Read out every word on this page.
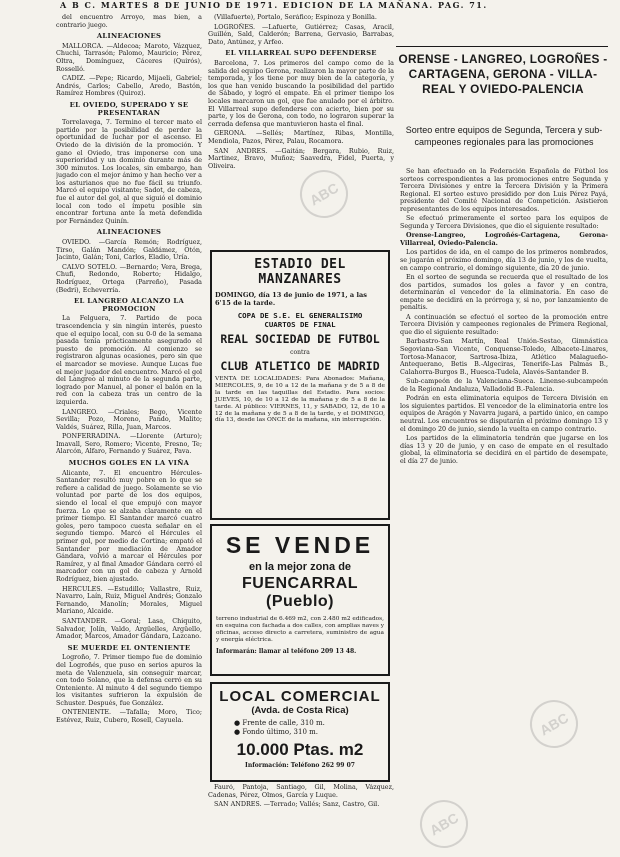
A B C. MARTES 8 DE JUNIO DE 1971. EDICION DE LA MAÑANA. PAG. 71.

del encuentro Arroyo, mas bien, a contrario juego.

ALINEACIONES

MALLORCA. —Aldecoa; Maroto, Vázquez, Chuchi, Tarrasón; Palomo, Mauricio; Pérez, Oltra, Domínguez, Cáceres (Quirós), Rosselló.

CADIZ. —Pepe; Ricardo, Mijaeli, Gabriel; Andrés, Carlos; Cabello, Aredo, Bastón, Ramírez Hombres (Quiroz).

EL OVIEDO, SUPERADO Y SE PRESENTARAN

Torrelavega, 7. Termino el tercer mato el partido por la posibilidad de perder la oportunidad de luchar por el ascenso. El Oviedo de la división de la promoción. Y gano el Oviedo, tras imponerse con una superioridad y un dominio durante más de 300 minutos. Los locales, sin embargo, han jugado con el mejor ánimo y han hecho ver a los asturianos que no fue fácil su triunfo. Marcó el equipo visitante; Sadot, de cabeza, fue el autor del gol, al que siguió el dominio local con todo el ímpetu posible sin encontrar fortuna ante la meta defendida por Fernández Quinín.

ALINEACIONES

OVIEDO. —García Remón; Rodríguez, Tirso, Galán Mandón; Galdámez, Otón, Jacinto, Galán; Toni, Carlos, Eladio, Uría.

CALVO SOTELO. —Bernardo; Vera, Brega, Chufi, Redondo, Roberto; Hidalgo, Rodríguez, Ortega (Parreño), Pasada (Bedri), Echeverría.

EL LANGREO ALCANZO LA PROMOCION

La Felguera, 7. Partido de poca trascendencia y sin ningún interés, puesto que el equipo local, con su 0-0 de la semana pasada tenía prácticamente asegurado el puesto de promoción. Al comienzo se registraron algunas ocasiones, pero sin que el marcador se moviese. Aunque Lucas fue el mejor jugador del encuentro. Marcó el gol del Langreo al minuto de la segunda parte, logrado por Manuel, al poner el balón en la red con la cabeza tras un centro de la izquierda.

LANGREO. —Criales; Bego, Vicente Sevilla; Pozo, Moreno, Pando, Malito; Valdés, Suárez, Rilla, Juan, Marcos.

PONFERRADINA. —Llorente (Arturo); Imavall, Sero, Romero; Vicente, Fresno, Te; Alarcón, Alfaro, Fernando y Suárez, Pava.

MUCHOS GOLES EN LA VIÑA

Alicante, 7. El encuentro Hércules-Santander resultó muy pobre en lo que se refiere a calidad de juego. Solamente se vio voluntad por parte de los dos equipos, siendo el local el que empujó con mayor fuerza. Lo que se alzaba claramente en el primer tiempo. El Santander marcó cuatro goles, pero tampoco cuesta señalar en el segundo tiempo. Marcó el Hércules el primer gol, por medio de Cortina; empató el Santander por mediación de Amador Gándara, volvió a marcar el Hércules por Ramírez, y al final Amador Gándara cerró el marcador con un gol de cabeza y Arnold Rodríguez, bien ajustado.

HERCULES. —Estudillo; Vallastre, Ruiz, Navarro, Laín, Ruiz, Miguel Andrés; Gonzalo Fernando, Manolín; Morales, Miguel Mariano, Alcaide.

SANTANDER. —Goral; Lasa, Chiquito, Salvador, Jolín, Valdo, Argüelles, Argüello, Amador, Marcos, Amador Gándara, Lazcano.

SE MUERDE EL ONTENIENTE

Logroño, 7. Primer tiempo fue de dominio del Logroñés, que puso en serios apuros la meta de Valenzuela, sin conseguir marcar, con todo Solano, que la defensa cerró en su Onteniente. Al minuto 4 del segundo tiempo los visitantes sufrieron la expulsión de Schuster. Después, fue González.

ONTENIENTE. —Tafalla; Moro, Tico; Estévez, Ruiz, Cubero, Rosell, Cayuela.

(Villafuerte), Portalo, Seráfico; Espinoza y Bonilla.

LOGROÑES. —Lafuerte, Gutiérrez; Casas, Aracil, Guillén, Sald, Calderón; Barrena, Gervasio, Barrabas, Dato, Antúnez, y Arfeo.

EL VILLARREAL SUPO DEFENDERSE

Barcelona, 7. Los primeros del campo como de la salida del equipo Gerona, realizaron la mayor parte de la temporada, y los tiene por muy bien de la categoría, y los que han venido buscando la posibilidad del partido de Sábado, y logró el empate. En el primer tiempo los locales marcaron un gol, que fue anulado por el árbitro. El Villarreal supo defenderse con acierto, bien por su parte, y los de Gerona, con todo, no lograron superar la cerrada defensa que mantuvieron hasta el final.

GERONA. —Sellés; Martínez, Ribas, Montilla, Mendiola, Pazos, Pérez, Palau, Rocamora.

SAN ANDRES. —Gaitán; Bergara, Rubio, Ruiz, Martinez, Bravo, Muñoz; Saavedra, Fidel, Puerta, y Oliveira.

ESTADIO DEL MANZANARES
DOMINGO, día 13 de junio de 1971, a las 6'15 de la tarde.
COPA DE S.E. EL GENERALISIMO
CUARTOS DE FINAL
REAL SOCIEDAD DE FUTBOL
contra
CLUB ATLETICO DE MADRID
VENTA DE LOCALIDADES: Para Abonados: Mañana, MIERCOLES, 9, de 10 a 12 de la mañana y de 5 a 8 de la tarde en las taquillas del Estadio. Para socios: JUEVES, 10, de 10 a 12 de la mañana y de 5 a 8 de la tarde. Al público: VIERNES, 11, y SABADO, 12, de 10 a 12 de la mañana y de 5 a 8 de la tarde, y el DOMINGO, día 13, desde las ONCE de la mañana, sin interrupción.
SE VENDE
en la mejor zona de
FUENCARRAL (Pueblo)
terreno industrial de 6.469 m2, con 2.480 m2 edificados, en esquina con fachada a dos calles, con amplias naves y oficinas, acceso directo a carretera, suministro de agua y energía eléctrica.
Informarán: llamar al teléfono 209 13 48.
LOCAL COMERCIAL
(Avda. de Costa Rica)
● Frente de calle, 310 m.
● Fondo último, 310 m.
10.000 Ptas. m2
Información: Teléfono 262 99 07

Fauró, Pantoja, Santiago, Gil, Molina, Vázquez, Cadenas, Pérez, Olmos, García y Luque.

SAN ANDRES. —Terrado; Vallés; Sanz, Castro, Gil.

ORENSE - LANGREO, LOGROÑES - CARTAGENA, GERONA - VILLA-REAL Y OVIEDO-PALENCIA
Sorteo entre equipos de Segunda, Tercera y sub-campeones regionales para las promociones

Se han efectuado en la Federación Española de Fútbol los sorteos correspondientes a las promociones entre Segunda y Tercera Divisiones y entre la Tercera División y la Primera Regional. El sorteo estuvo presidido por don Luis Pérez Payá, presidente del Comité Nacional de Competición. Asistieron representantes de los equipos interesados.

Se efectuó primeramente el sorteo para los equipos de Segunda y Tercera Divisiones, que dio el siguiente resultado:

Orense-Langreo, Logroñés-Cartagena, Gerona-Villarreal, Oviedo-Palencia.

Los partidos de ida, en el campo de los primeros nombrados, se jugarán el próximo domingo, día 13 de junio, y los de vuelta, en campo contrario, el domingo siguiente, día 20 de junio.

En el sorteo de segunda se recuerda que el resultado de los dos partidos, sumados los goles a favor y en contra, determinarán el vencedor de la eliminatoria. En caso de empate se decidirá en la prórroga y, si no, por lanzamiento de penaltis.

A continuación se efectuó el sorteo de la promoción entre Tercera División y campeones regionales de Primera Regional, que dio el siguiente resultado:

Barbastro-San Martín, Real Unión-Sestao, Gimnástica Segoviana-San Vicente, Conquense-Toledo, Albacete-Linares, Tortosa-Manacor, Sartrosa-Ibiza, Atlético Malagueño-Antequerano, Betis B.-Algeciras, Tenerife-Las Palmas B., Calahorra-Burgos B., Huesca-Tudela, Alavés-Santander B.

Sub-campeón de la Valenciana-Sueca. Linense-subcampeón de la Regional Andaluza, Valladolid B.-Palencia.

Podrán en esta eliminatoria equipos de Tercera División en los siguientes partidos. El vencedor de la eliminatoria entre los equipos de Aragón y Navarra jugará, a partido único, en campo neutral. Los encuentros se disputarán el próximo domingo 13 y el domingo 20 de junio, siendo la vuelta en campo contrario.

Los partidos de la eliminatoria tendrán que jugarse en los días 13 y 20 de junio, y en caso de empate en el resultado global, la eliminatoria se decidirá en el partido de desempate, el día 27 de junio.

ABC
ABC
ABC
